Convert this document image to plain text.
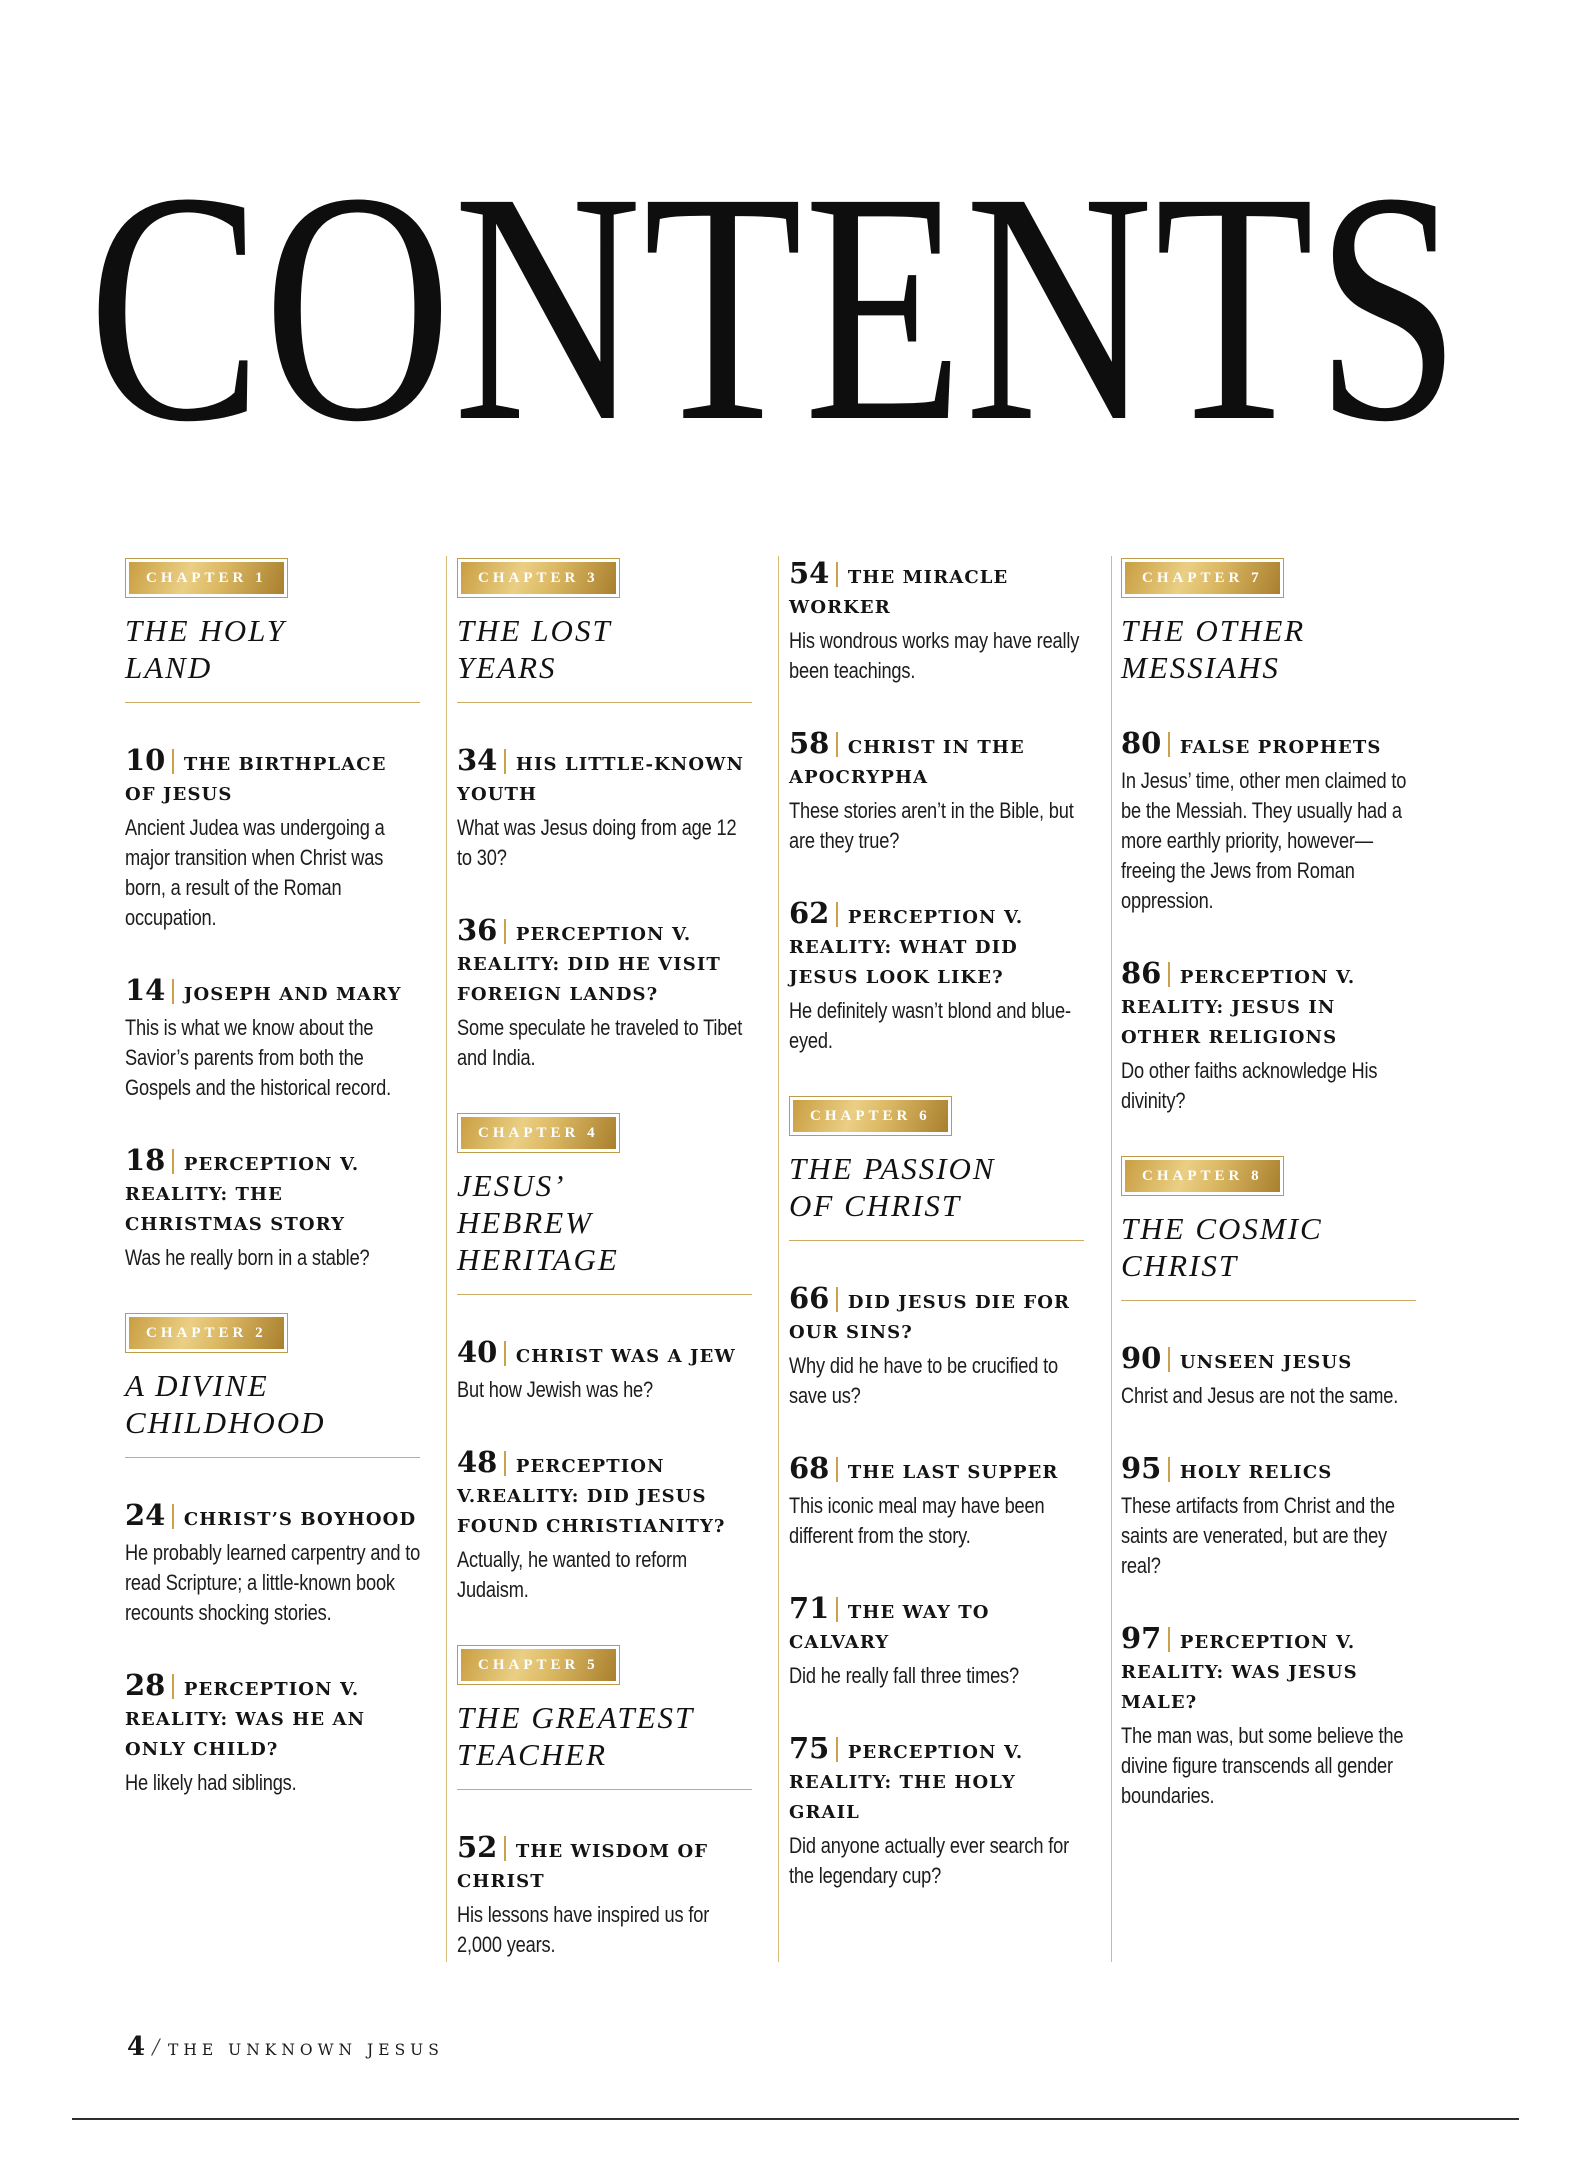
CONTENTS
CHAPTER 1
THE HOLY LAND
10 THE BIRTHPLACE OF JESUS
Ancient Judea was undergoing a major transition when Christ was born, a result of the Roman occupation.
14 JOSEPH AND MARY
This is what we know about the Savior’s parents from both the Gospels and the historical record.
18 PERCEPTION V. REALITY: THE CHRISTMAS STORY
Was he really born in a stable?
CHAPTER 2
A DIVINE CHILDHOOD
24 CHRIST’S BOYHOOD
He probably learned carpentry and to read Scripture; a little-known book recounts shocking stories.
28 PERCEPTION V. REALITY: WAS HE AN ONLY CHILD?
He likely had siblings.
CHAPTER 3
THE LOST YEARS
34 HIS LITTLE-KNOWN YOUTH
What was Jesus doing from age 12 to 30?
36 PERCEPTION V. REALITY: DID HE VISIT FOREIGN LANDS?
Some speculate he traveled to Tibet and India.
CHAPTER 4
JESUS’ HEBREW HERITAGE
40 CHRIST WAS A JEW
But how Jewish was he?
48 PERCEPTION V.REALITY: DID JESUS FOUND CHRISTIANITY?
Actually, he wanted to reform Judaism.
CHAPTER 5
THE GREATEST TEACHER
52 THE WISDOM OF CHRIST
His lessons have inspired us for 2,000 years.
54 THE MIRACLE WORKER
His wondrous works may have really been teachings.
58 CHRIST IN THE APOCRYPHA
These stories aren’t in the Bible, but are they true?
62 PERCEPTION V. REALITY: WHAT DID JESUS LOOK LIKE?
He definitely wasn’t blond and blue-eyed.
CHAPTER 6
THE PASSION OF CHRIST
66 DID JESUS DIE FOR OUR SINS?
Why did he have to be crucified to save us?
68 THE LAST SUPPER
This iconic meal may have been different from the story.
71 THE WAY TO CALVARY
Did he really fall three times?
75 PERCEPTION V. REALITY: THE HOLY GRAIL
Did anyone actually ever search for the legendary cup?
CHAPTER 7
THE OTHER MESSIAHS
80 FALSE PROPHETS
In Jesus’ time, other men claimed to be the Messiah. They usually had a more earthly priority, however—freeing the Jews from Roman oppression.
86 PERCEPTION V. REALITY: JESUS IN OTHER RELIGIONS
Do other faiths acknowledge His divinity?
CHAPTER 8
THE COSMIC CHRIST
90 UNSEEN JESUS
Christ and Jesus are not the same.
95 HOLY RELICS
These artifacts from Christ and the saints are venerated, but are they real?
97 PERCEPTION V. REALITY: WAS JESUS MALE?
The man was, but some believe the divine figure transcends all gender boundaries.
4 / THE UNKNOWN JESUS
